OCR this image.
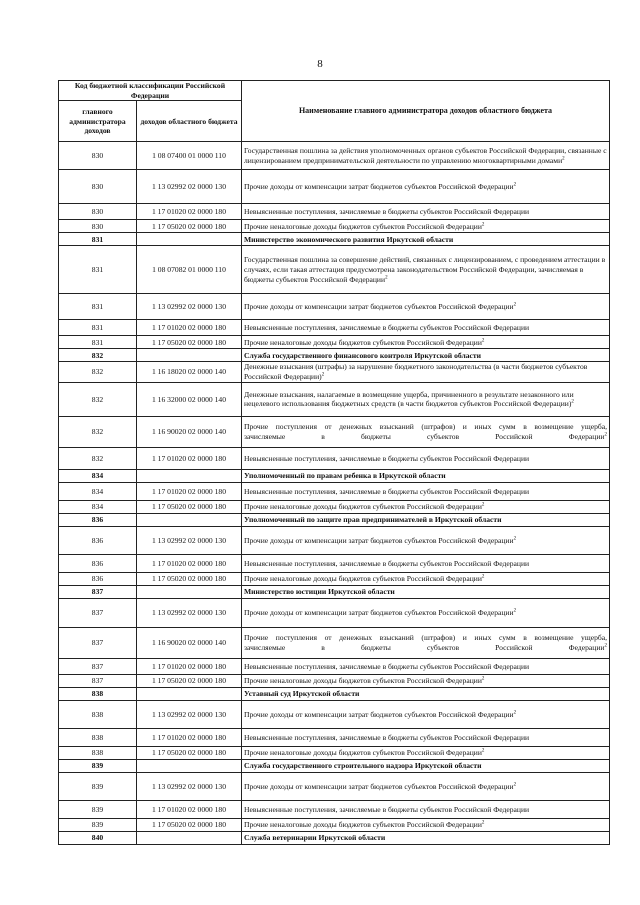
8
Код бюджетной классификации Российской Федерации		Наименование главного администратора доходов областного бюджета
главного администратора доходов	доходов областного бюджета	
830	1 08 07400 01 0000 110	Государственная пошлина за действия уполномоченных органов субъектов Российской Федерации, связанные с лицензированием предпринимательской деятельности по управлению многоквартирными домами$^2$
830	1 13 02992 02 0000 130	Прочие доходы от компенсации затрат бюджетов субъектов Российской Федерации$^2$
830	1 17 01020 02 0000 180	Невыясненные поступления, зачисляемые в бюджеты субъектов Российской Федерации
830	1 17 05020 02 0000 180	Прочие неналоговые доходы бюджетов субъектов Российской Федерации$^2$
831		Министерство экономического развития Иркутской области
831	1 08 07082 01 0000 110	Государственная пошлина за совершение действий, связанных с лицензированием, с проведением аттестации в случаях, если такая аттестация предусмотрена законодательством Российской Федерации, зачисляемая в бюджеты субъектов Российской Федерации$^2$
831	1 13 02992 02 0000 130	Прочие доходы от компенсации затрат бюджетов субъектов Российской Федерации$^2$
831	1 17 01020 02 0000 180	Невыясненные поступления, зачисляемые в бюджеты субъектов Российской Федерации
831	1 17 05020 02 0000 180	Прочие неналоговые доходы бюджетов субъектов Российской Федерации$^2$
832		Служба государственного финансового контроля Иркутской области
832	1 16 18020 02 0000 140	Денежные взыскания (штрафы) за нарушение бюджетного законодательства (в части бюджетов субъектов Российской Федерации)$^2$
832	1 16 32000 02 0000 140	Денежные взыскания, налагаемые в возмещение ущерба, причиненного в результате незаконного или нецелевого использования бюджетных средств (в части бюджетов субъектов Российской Федерации)$^2$
832	1 16 90020 02 0000 140	Прочие поступления от денежных взысканий (штрафов) и иных сумм в возмещение ущерба, зачисляемые в бюджеты субъектов Российской Федерации$^2$
832	1 17 01020 02 0000 180	Невыясненные поступления, зачисляемые в бюджеты субъектов Российской Федерации
834		Уполномоченный по правам ребенка в Иркутской области
834	1 17 01020 02 0000 180	Невыясненные поступления, зачисляемые в бюджеты субъектов Российской Федерации
834	1 17 05020 02 0000 180	Прочие неналоговые доходы бюджетов субъектов Российской Федерации$^2$
836		Уполномоченный по защите прав предпринимателей в Иркутской области
836	1 13 02992 02 0000 130	Прочие доходы от компенсации затрат бюджетов субъектов Российской Федерации$^2$
836	1 17 01020 02 0000 180	Невыясненные поступления, зачисляемые в бюджеты субъектов Российской Федерации
836	1 17 05020 02 0000 180	Прочие неналоговые доходы бюджетов субъектов Российской Федерации$^2$
837		Министерство юстиции Иркутской области
837	1 13 02992 02 0000 130	Прочие доходы от компенсации затрат бюджетов субъектов Российской Федерации$^2$
837	1 16 90020 02 0000 140	Прочие поступления от денежных взысканий (штрафов) и иных сумм в возмещение ущерба, зачисляемые в бюджеты субъектов Российской Федерации$^2$
837	1 17 01020 02 0000 180	Невыясненные поступления, зачисляемые в бюджеты субъектов Российской Федерации
837	1 17 05020 02 0000 180	Прочие неналоговые доходы бюджетов субъектов Российской Федерации$^2$
838		Уставный суд Иркутской области
838	1 13 02992 02 0000 130	Прочие доходы от компенсации затрат бюджетов субъектов Российской Федерации$^2$
838	1 17 01020 02 0000 180	Невыясненные поступления, зачисляемые в бюджеты субъектов Российской Федерации
838	1 17 05020 02 0000 180	Прочие неналоговые доходы бюджетов субъектов Российской Федерации$^2$
839		Служба государственного строительного надзора Иркутской области
839	1 13 02992 02 0000 130	Прочие доходы от компенсации затрат бюджетов субъектов Российской Федерации$^2$
839	1 17 01020 02 0000 180	Невыясненные поступления, зачисляемые в бюджеты субъектов Российской Федерации
839	1 17 05020 02 0000 180	Прочие неналоговые доходы бюджетов субъектов Российской Федерации$^2$
840		Служба ветеринарии Иркутской области
